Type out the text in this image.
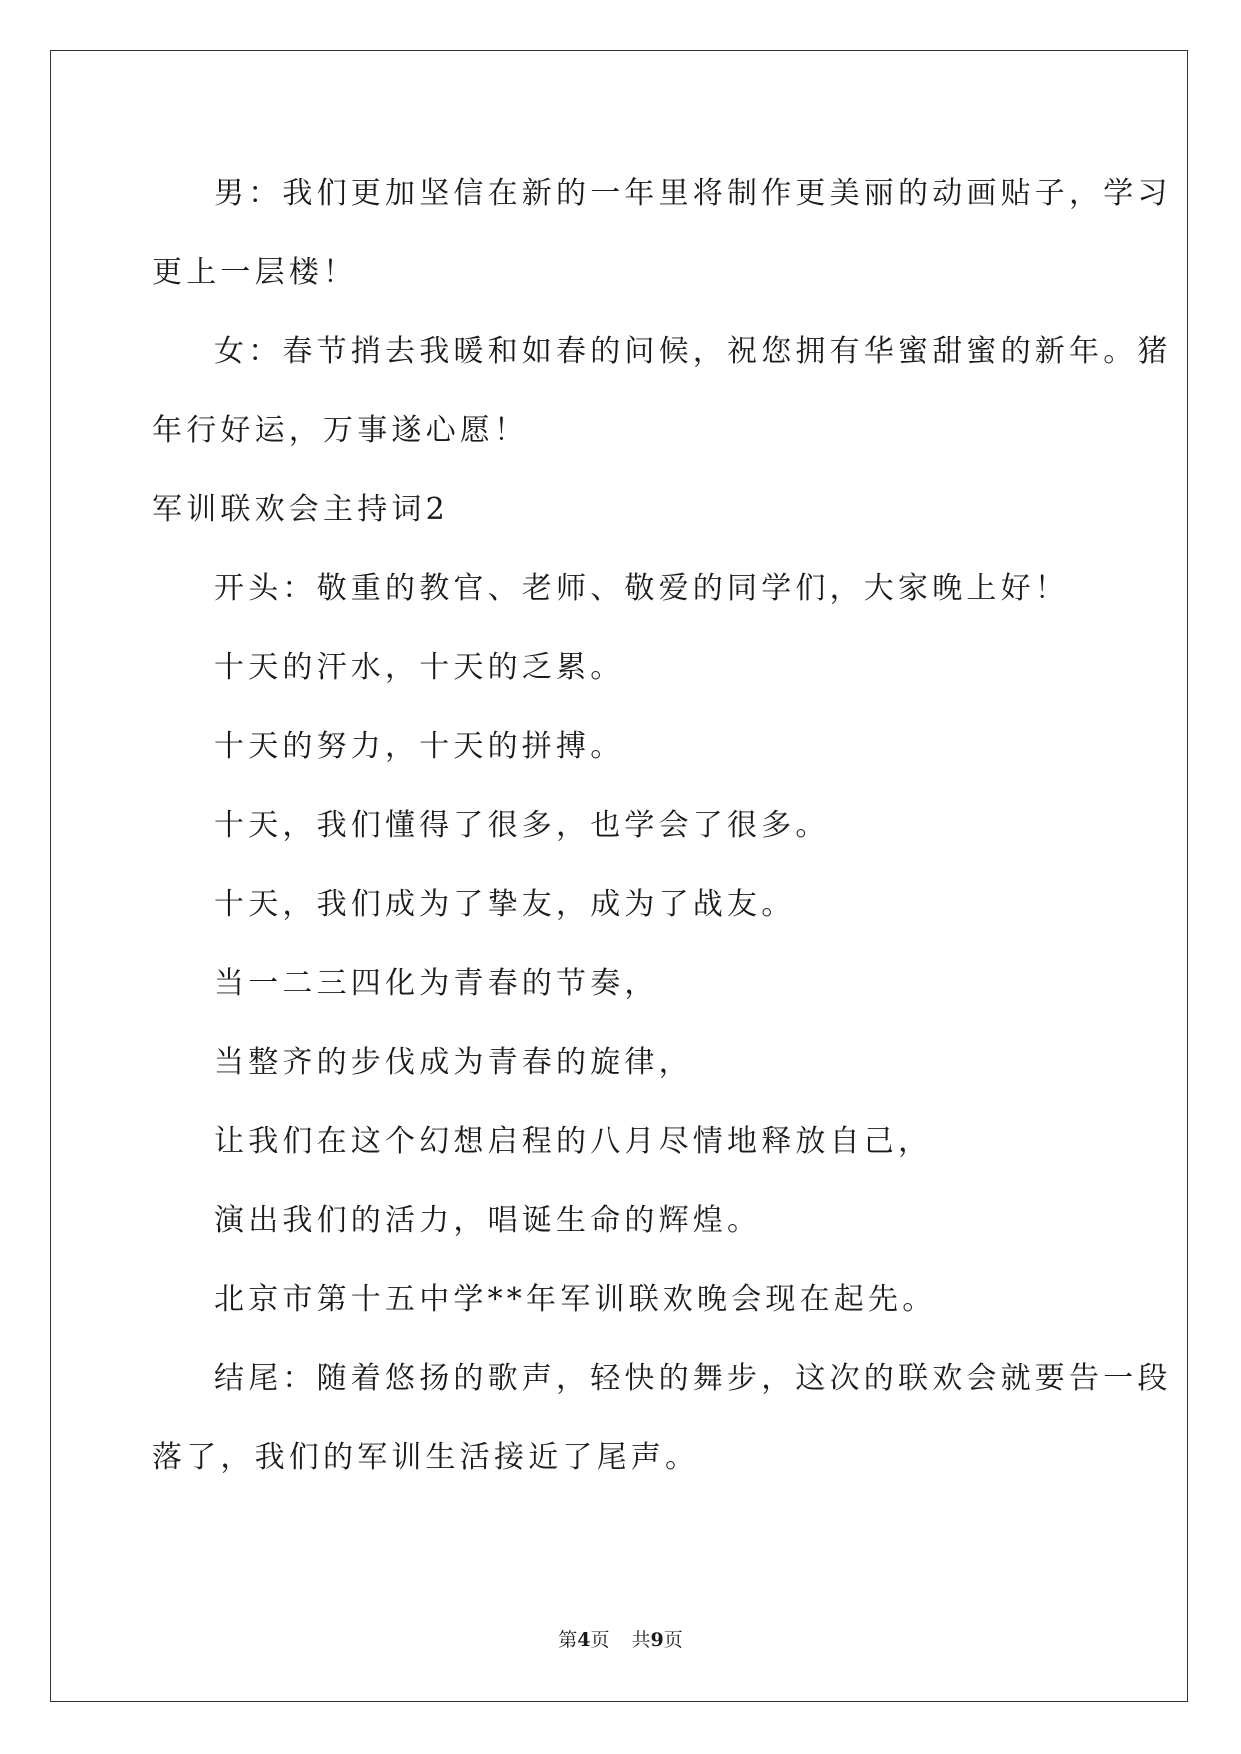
男：我们更加坚信在新的一年里将制作更美丽的动画贴子，学习
更上一层楼！
女：春节捎去我暖和如春的问候，祝您拥有华蜜甜蜜的新年。猪
年行好运，万事遂心愿！
军训联欢会主持词2
开头：敬重的教官、老师、敬爱的同学们，大家晚上好！
十天的汗水，十天的乏累。
十天的努力，十天的拼搏。
十天，我们懂得了很多，也学会了很多。
十天，我们成为了挚友，成为了战友。
当一二三四化为青春的节奏，
当整齐的步伐成为青春的旋律，
让我们在这个幻想启程的八月尽情地释放自己，
演出我们的活力，唱诞生命的辉煌。
北京市第十五中学**年军训联欢晚会现在起先。
结尾：随着悠扬的歌声，轻快的舞步，这次的联欢会就要告一段
落了，我们的军训生活接近了尾声。
第4页 共9页
